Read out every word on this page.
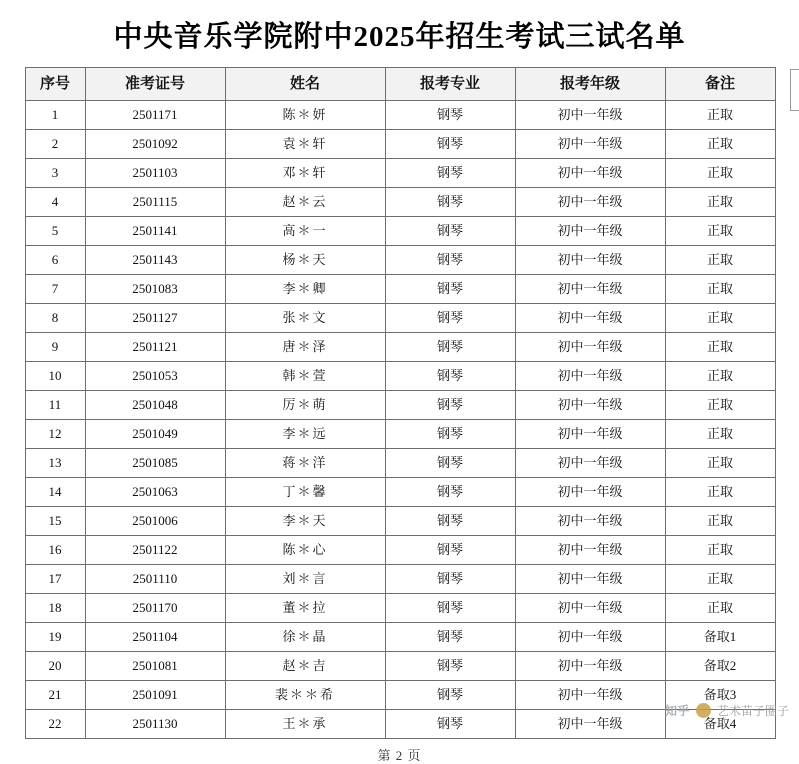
中央音乐学院附中2025年招生考试三试名单
序号	准考证号	姓名	报考专业	报考年级	备注
1	2501171	陈＊妍	钢琴	初中一年级	正取
2	2501092	袁＊轩	钢琴	初中一年级	正取
3	2501103	邓＊轩	钢琴	初中一年级	正取
4	2501115	赵＊云	钢琴	初中一年级	正取
5	2501141	高＊一	钢琴	初中一年级	正取
6	2501143	杨＊天	钢琴	初中一年级	正取
7	2501083	李＊卿	钢琴	初中一年级	正取
8	2501127	张＊文	钢琴	初中一年级	正取
9	2501121	唐＊泽	钢琴	初中一年级	正取
10	2501053	韩＊萱	钢琴	初中一年级	正取
11	2501048	厉＊萌	钢琴	初中一年级	正取
12	2501049	李＊远	钢琴	初中一年级	正取
13	2501085	蒋＊洋	钢琴	初中一年级	正取
14	2501063	丁＊馨	钢琴	初中一年级	正取
15	2501006	李＊天	钢琴	初中一年级	正取
16	2501122	陈＊心	钢琴	初中一年级	正取
17	2501110	刘＊言	钢琴	初中一年级	正取
18	2501170	董＊拉	钢琴	初中一年级	正取
19	2501104	徐＊晶	钢琴	初中一年级	备取1
20	2501081	赵＊吉	钢琴	初中一年级	备取2
21	2501091	裴＊＊希	钢琴	初中一年级	备取3
22	2501130	王＊承	钢琴	初中一年级	备取4
第 2 页
知乎 艺术苗子圈子
